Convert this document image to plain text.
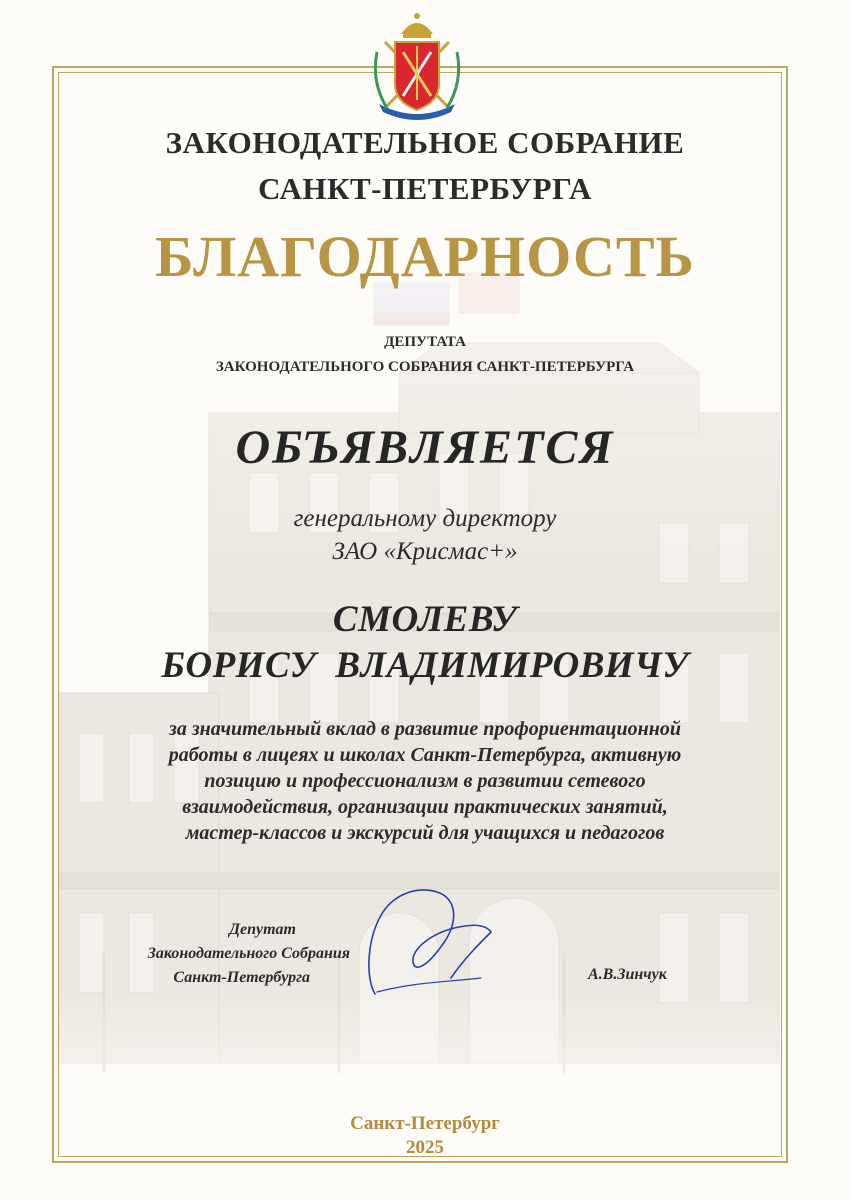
ЗАКОНОДАТЕЛЬНОЕ СОБРАНИЕ
САНКТ-ПЕТЕРБУРГА

БЛАГОДАРНОСТЬ

ДЕПУТАТА
ЗАКОНОДАТЕЛЬНОГО СОБРАНИЯ САНКТ-ПЕТЕРБУРГА

ОБЪЯВЛЯЕТСЯ

генеральному директору
ЗАО «Крисмас+»

СМОЛЕВУ
БОРИСУ  ВЛАДИМИРОВИЧУ

за значительный вклад в развитие профориентационной
работы в лицеях и школах Санкт-Петербурга, активную
позицию и профессионализм в развитии сетевого
взаимодействия, организации практических занятий,
мастер-классов и экскурсий для учащихся и педагогов

Депутат
Законодательного Собрания
Санкт-Петербурга	А.В.Зинчук

Санкт-Петербург
2025
